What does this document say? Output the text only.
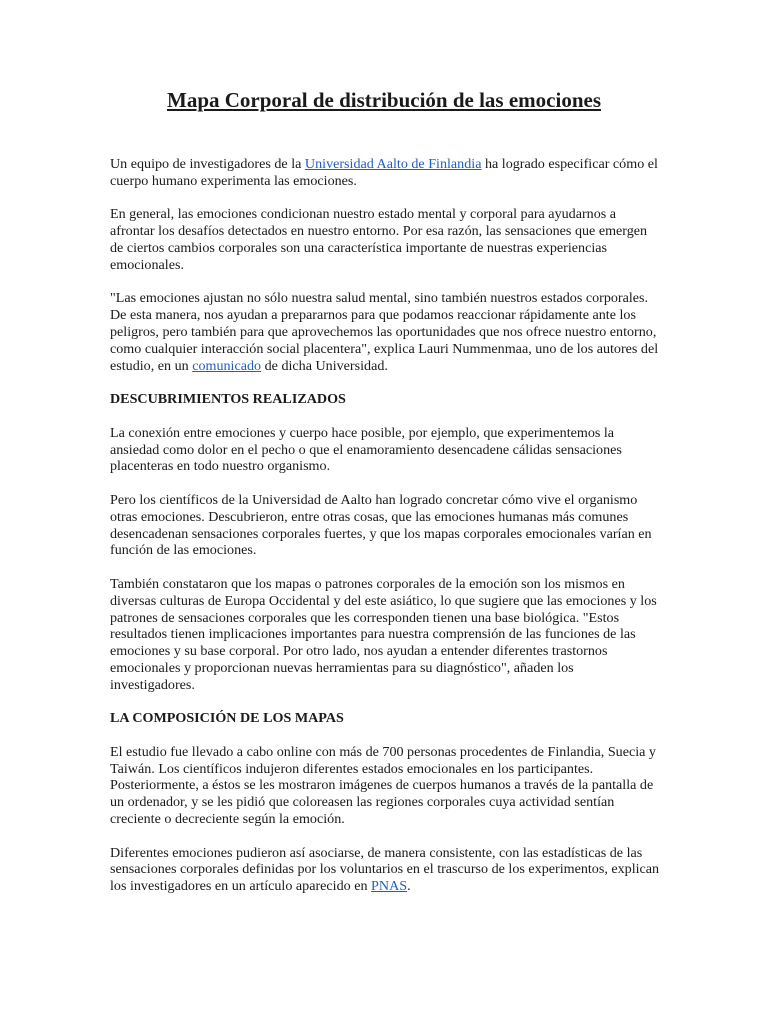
Mapa Corporal de distribución de las emociones

Un equipo de investigadores de la Universidad Aalto de Finlandia ha logrado especificar cómo el cuerpo humano experimenta las emociones.

En general, las emociones condicionan nuestro estado mental y corporal para ayudarnos a afrontar los desafíos detectados en nuestro entorno. Por esa razón, las sensaciones que emergen de ciertos cambios corporales son una característica importante de nuestras experiencias emocionales.

"Las emociones ajustan no sólo nuestra salud mental, sino también nuestros estados corporales. De esta manera, nos ayudan a prepararnos para que podamos reaccionar rápidamente ante los peligros, pero también para que aprovechemos las oportunidades que nos ofrece nuestro entorno, como cualquier interacción social placentera", explica Lauri Nummenmaa, uno de los autores del estudio, en un comunicado de dicha Universidad.

DESCUBRIMIENTOS REALIZADOS

La conexión entre emociones y cuerpo hace posible, por ejemplo, que experimentemos la ansiedad como dolor en el pecho o que el enamoramiento desencadene cálidas sensaciones placenteras en todo nuestro organismo.

Pero los científicos de la Universidad de Aalto han logrado concretar cómo vive el organismo otras emociones. Descubrieron, entre otras cosas, que las emociones humanas más comunes desencadenan sensaciones corporales fuertes, y que los mapas corporales emocionales varían en función de las emociones.

También constataron que los mapas o patrones corporales de la emoción son los mismos en diversas culturas de Europa Occidental y del este asiático, lo que sugiere que las emociones y los patrones de sensaciones corporales que les corresponden tienen una base biológica. "Estos resultados tienen implicaciones importantes para nuestra comprensión de las funciones de las emociones y su base corporal. Por otro lado, nos ayudan a entender diferentes trastornos emocionales y proporcionan nuevas herramientas para su diagnóstico", añaden los investigadores.

LA COMPOSICIÓN DE LOS MAPAS

El estudio fue llevado a cabo online con más de 700 personas procedentes de Finlandia, Suecia y Taiwán. Los científicos indujeron diferentes estados emocionales en los participantes. Posteriormente, a éstos se les mostraron imágenes de cuerpos humanos a través de la pantalla de un ordenador, y se les pidió que coloreasen las regiones corporales cuya actividad sentían creciente o decreciente según la emoción.

Diferentes emociones pudieron así asociarse, de manera consistente, con las estadísticas de las sensaciones corporales definidas por los voluntarios en el trascurso de los experimentos, explican los investigadores en un artículo aparecido en PNAS.
